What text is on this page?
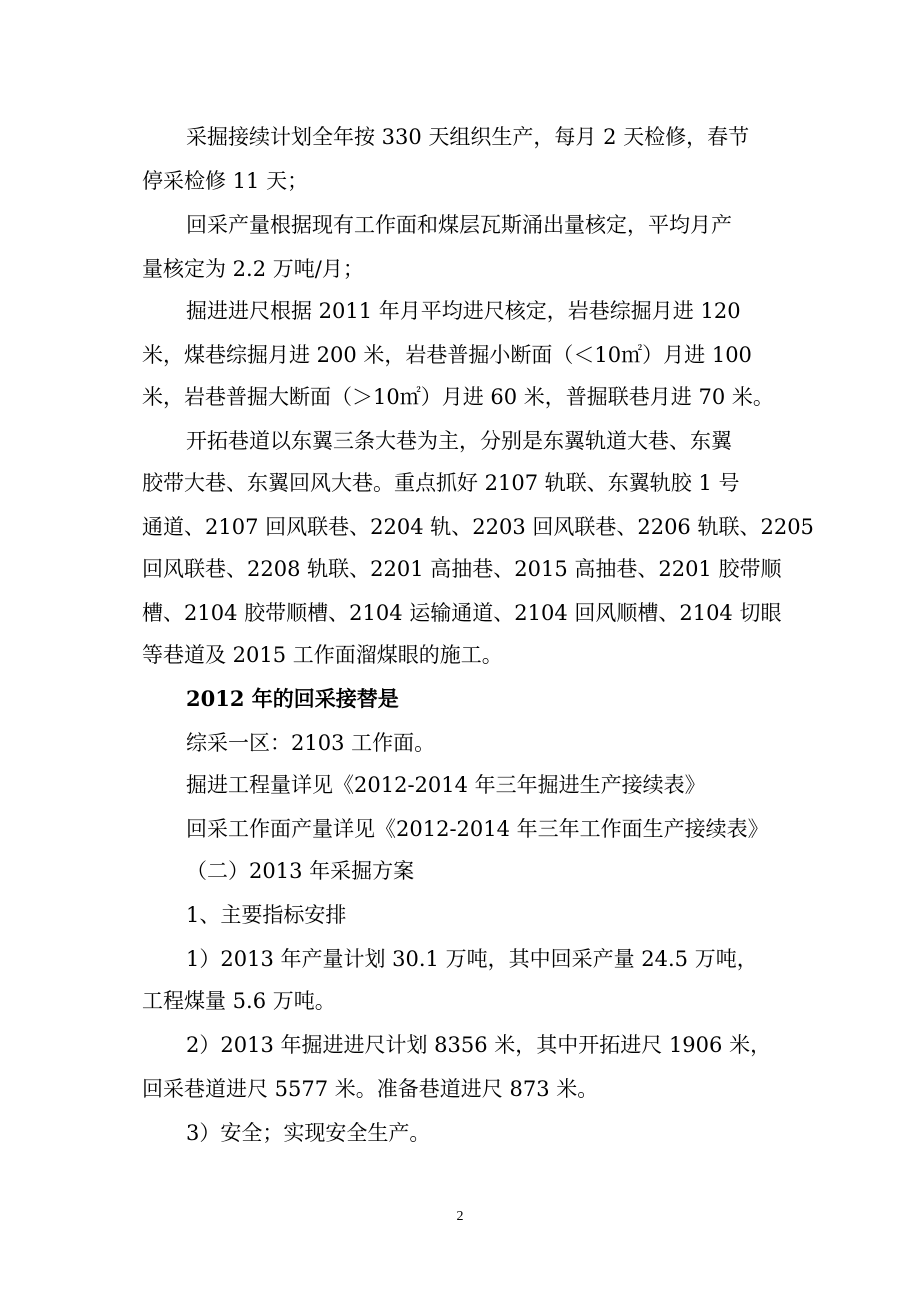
采掘接续计划全年按 330 天组织生产，每月 2 天检修，春节
停采检修 11 天；
回采产量根据现有工作面和煤层瓦斯涌出量核定，平均月产
量核定为 2.2 万吨/月；
掘进进尺根据 2011 年月平均进尺核定，岩巷综掘月进 120
米，煤巷综掘月进 200 米，岩巷普掘小断面（＜10㎡）月进 100
米，岩巷普掘大断面（＞10㎡）月进 60 米，普掘联巷月进 70 米。
开拓巷道以东翼三条大巷为主，分别是东翼轨道大巷、东翼
胶带大巷、东翼回风大巷。重点抓好 2107 轨联、东翼轨胶 1 号
通道、2107 回风联巷、2204 轨、2203 回风联巷、2206 轨联、2205
回风联巷、2208 轨联、2201 高抽巷、2015 高抽巷、2201 胶带顺
槽、2104 胶带顺槽、2104 运输通道、2104 回风顺槽、2104 切眼
等巷道及 2015 工作面溜煤眼的施工。
2012 年的回采接替是
综采一区：2103 工作面。
掘进工程量详见《2012-2014 年三年掘进生产接续表》
回采工作面产量详见《2012-2014 年三年工作面生产接续表》
（二）2013 年采掘方案
1、主要指标安排
1）2013 年产量计划 30.1 万吨，其中回采产量 24.5 万吨，
工程煤量 5.6 万吨。
2）2013 年掘进进尺计划 8356 米，其中开拓进尺 1906 米，
回采巷道进尺 5577 米。准备巷道进尺 873 米。
3）安全；实现安全生产。
2
